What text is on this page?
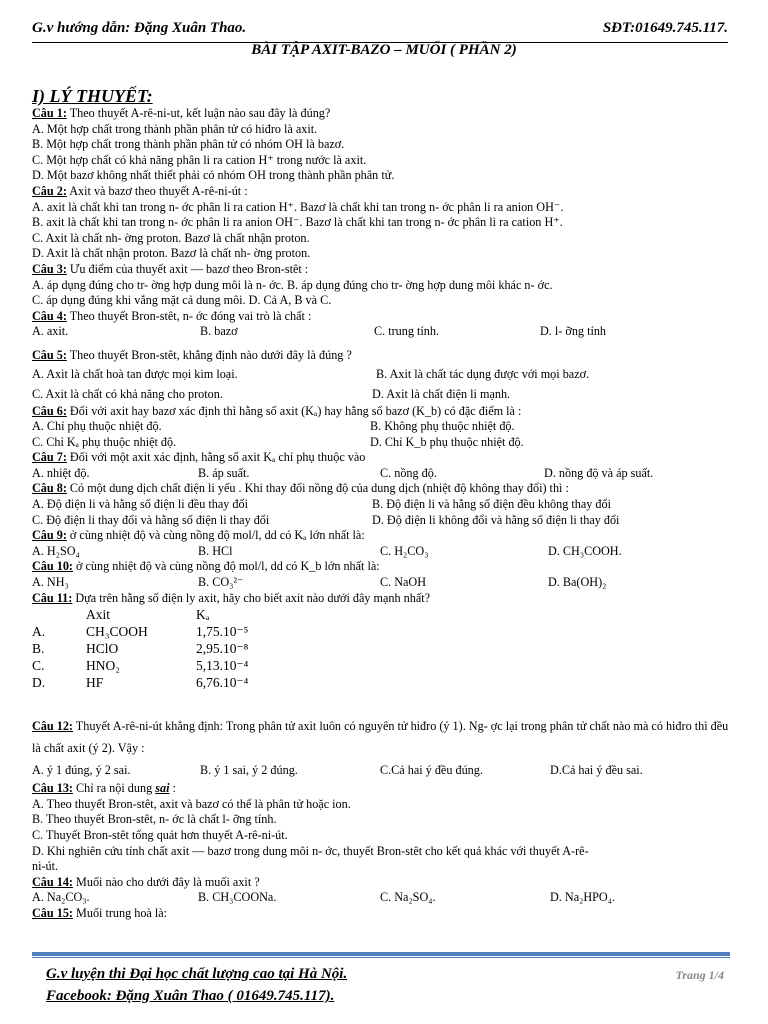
G.v hướng dẫn: Đặng Xuân Thao.	SĐT:01649.745.117.
BÀI TẬP AXIT-BAZO – MUỐI ( PHẦN 2)
I) LÝ THUYẾT:
Câu 1: Theo thuyết A-rê-ni-ut, kết luận nào sau đây là đúng?
A. Một hợp chất trong thành phần phân tử có hiđro là axit.
B. Một hợp chất trong thành phần phân tử có nhóm OH là bazơ.
C. Một hợp chất có khả năng phân li ra cation H⁺ trong nước là axit.
D. Một bazơ không nhất thiết phải có nhóm OH trong thành phần phân tử.
Câu 2: Axit và bazơ theo thuyết A-rê-ni-út :
A. axit là chất khi tan trong n- ớc phân li ra cation H⁺. Bazơ là chất khi tan trong n- ớc phân li ra anion OH⁻.
B. axit là chất khi tan trong n- ớc phân li ra anion OH⁻. Bazơ là chất khi tan trong n- ớc phân li ra cation H⁺.
C. Axit là chất nh- ờng proton. Bazơ là chất nhận proton.
D. Axit là chất nhận proton. Bazơ là chất nh- ờng proton.
Câu 3: Ưu điểm của thuyết axit — bazơ theo Bron-stêt :
A. áp dụng đúng cho tr- ờng hợp dung môi là n- ớc. B. áp dụng đúng cho tr- ờng hợp dung môi khác n- ớc.
C. áp dụng đúng khi vắng mặt cả dung môi. D. Cả A, B và C.
Câu 4: Theo thuyết Bron-stêt, n- ớc đóng vai trò là chất :
A. axit.	B. bazơ	C. trung tính.	D. l- ỡng tính
Câu 5: Theo thuyết Bron-stêt, khẳng định nào dưới đây là đúng ?
A. Axit là chất hoà tan được mọi kim loại.	B. Axit là chất tác dụng được với mọi bazơ.
C. Axit là chất có khả năng cho proton.	D. Axit là chất điện li mạnh.
Câu 6: Đối với axit hay bazơ xác định thì hằng số axit (Kₐ) hay hằng số bazơ (K_b) có đặc điểm là :
A. Chỉ phụ thuộc nhiệt độ.	B. Không phụ thuộc nhiệt độ.
C. Chỉ Kₐ phụ thuộc nhiệt độ.	D. Chỉ K_b phụ thuộc nhiệt độ.
Câu 7: Đối với một axit xác định, hằng số axit Kₐ chỉ phụ thuộc vào
A. nhiệt độ.	B. áp suất.	C. nồng độ.	D. nồng độ và áp suất.
Câu 8: Có một dung dịch chất điện li yếu . Khi thay đổi nồng độ của dung dịch (nhiệt độ không thay đổi) thì :
A. Độ điện li và hằng số điện li đều thay đổi	B. Độ điện li và hằng số điện đều không thay đổi
C. Độ điện li thay đổi và hằng số điện li thay đổi	D. Độ điện li không đổi và hằng số điện li thay đổi
Câu 9: ở cùng nhiệt độ và cùng nồng độ mol/l, dd có Kₐ lớn nhất là:
A. H₂SO₄	B. HCl	C. H₂CO₃	D. CH₃COOH.
Câu 10: ở cùng nhiệt độ và cùng nồng độ mol/l, dd có K_b lớn nhất là:
A. NH₃	B. CO₃²⁻	C. NaOH	D. Ba(OH)₂
Câu 11: Dựa trên hằng số điện ly axit, hãy cho biết axit nào dưới đây mạnh nhất?
Axit	Kₐ
A.	CH₃COOH	1,75.10⁻⁵
B.	HClO	2,95.10⁻⁸
C.	HNO₂	5,13.10⁻⁴
D.	HF	6,76.10⁻⁴
Câu 12: Thuyết A-rê-ni-út khẳng định: Trong phân tử axit luôn có nguyên tử hiđro (ý 1). Ng- ợc lại trong phân tử chất nào mà có hiđro thì đều là chất axit (ý 2). Vậy :
A. ý 1 đúng, ý 2 sai.	B. ý 1 sai, ý 2 đúng.	C.Cả hai ý đều đúng.	D.Cả hai ý đều sai.
Câu 13: Chỉ ra nội dung sai :
A. Theo thuyết Bron-stêt, axit và bazơ có thể là phân tử hoặc ion.
B. Theo thuyết Bron-stêt, n- ớc là chất l- ỡng tính.
C. Thuyết Bron-stêt tổng quát hơn thuyết A-rê-ni-út.
D. Khi nghiên cứu tính chất axit — bazơ trong dung môi n- ớc, thuyết Bron-stêt cho kết quả khác với thuyết A-rê-
ni-út.
Câu 14: Muối nào cho dưới đây là muối axit ?
A. Na₂CO₃.	B. CH₃COONa.	C. Na₂SO₄.	D. Na₂HPO₄.
Câu 15: Muối trung hoà là:
G.v luyện thi Đại học chất lượng cao tại Hà Nội.
Facebook: Đặng Xuân Thao ( 01649.745.117).
Trang 1/4
